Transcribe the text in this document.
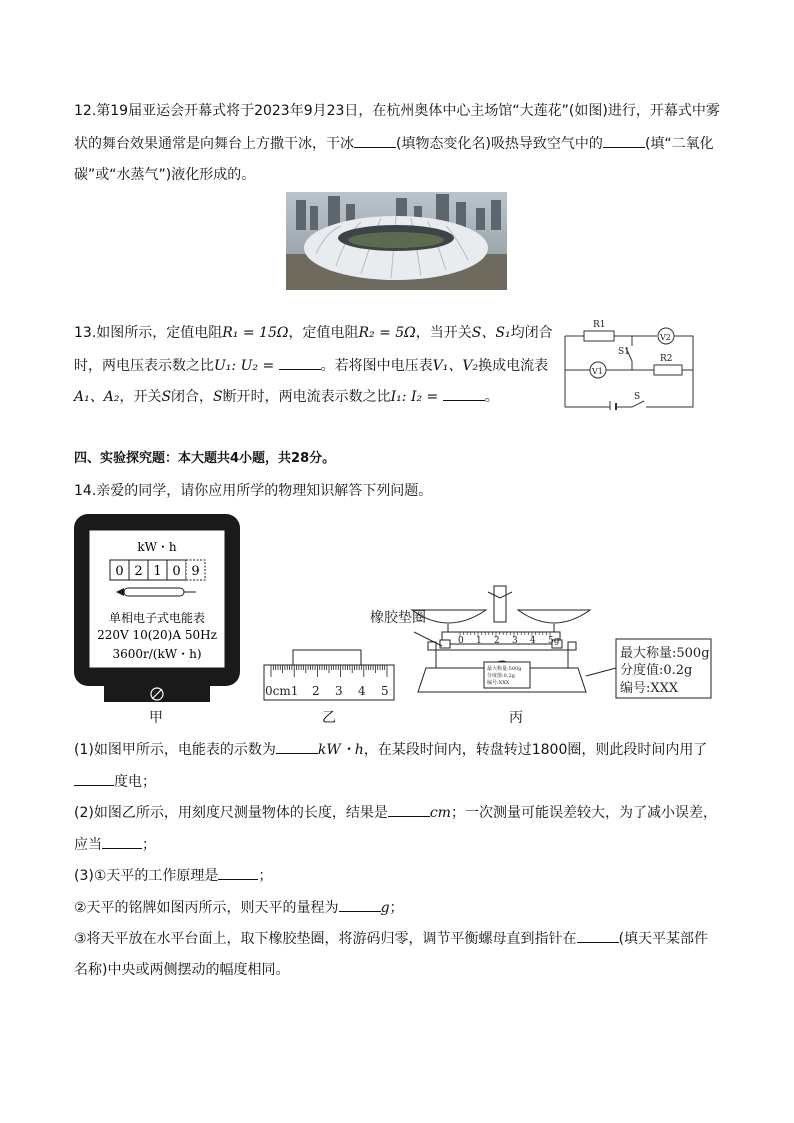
12.第19届亚运会开幕式将于2023年9月23日，在杭州奥体中心主场馆“大莲花”(如图)进行，开幕式中雾
状的舞台效果通常是向舞台上方撒干冰，干冰	(填物态变化名)吸热导致空气中的	(填“二氧化
碳”或“水蒸气”)液化形成的。
13.如图所示，定值电阻R₁ = 15Ω，定值电阻R₂ = 5Ω，当开关S、S₁均闭合
时，两电压表示数之比U₁: U₂ =	。若将图中电压表V₁、V₂换成电流表
A₁、A₂，开关S闭合，S断开时，两电流表示数之比I₁: I₂ =	。
R1
R2
S1
S
V2
V1
四、实验探究题：本大题共4小题，共28分。
14.亲爱的同学，请你应用所学的物理知识解答下列问题。
kW・h
0 2 1 0 9
单相电子式电能表
220V 10(20)A 50Hz
3600r/(kW・h)
甲
0cm1 2 3 4 5
乙
0 1 2 3 4 5g
最大称量:500g
分度值:0.2g
编号:XXX
橡胶垫圈
最大称量:500g
分度值:0.2g
编号:XXX
丙
(1)如图甲所示，电能表的示数为	kW・h，在某段时间内，转盘转过1800圈，则此段时间内用了
度电；
(2)如图乙所示，用刻度尺测量物体的长度，结果是	cm；一次测量可能误差较大，为了减小误差，
应当	；
(3)①天平的工作原理是	；
②天平的铭牌如图丙所示，则天平的量程为	g；
③将天平放在水平台面上，取下橡胶垫圈，将游码归零，调节平衡螺母直到指针在	(填天平某部件
名称)中央或两侧摆动的幅度相同。
